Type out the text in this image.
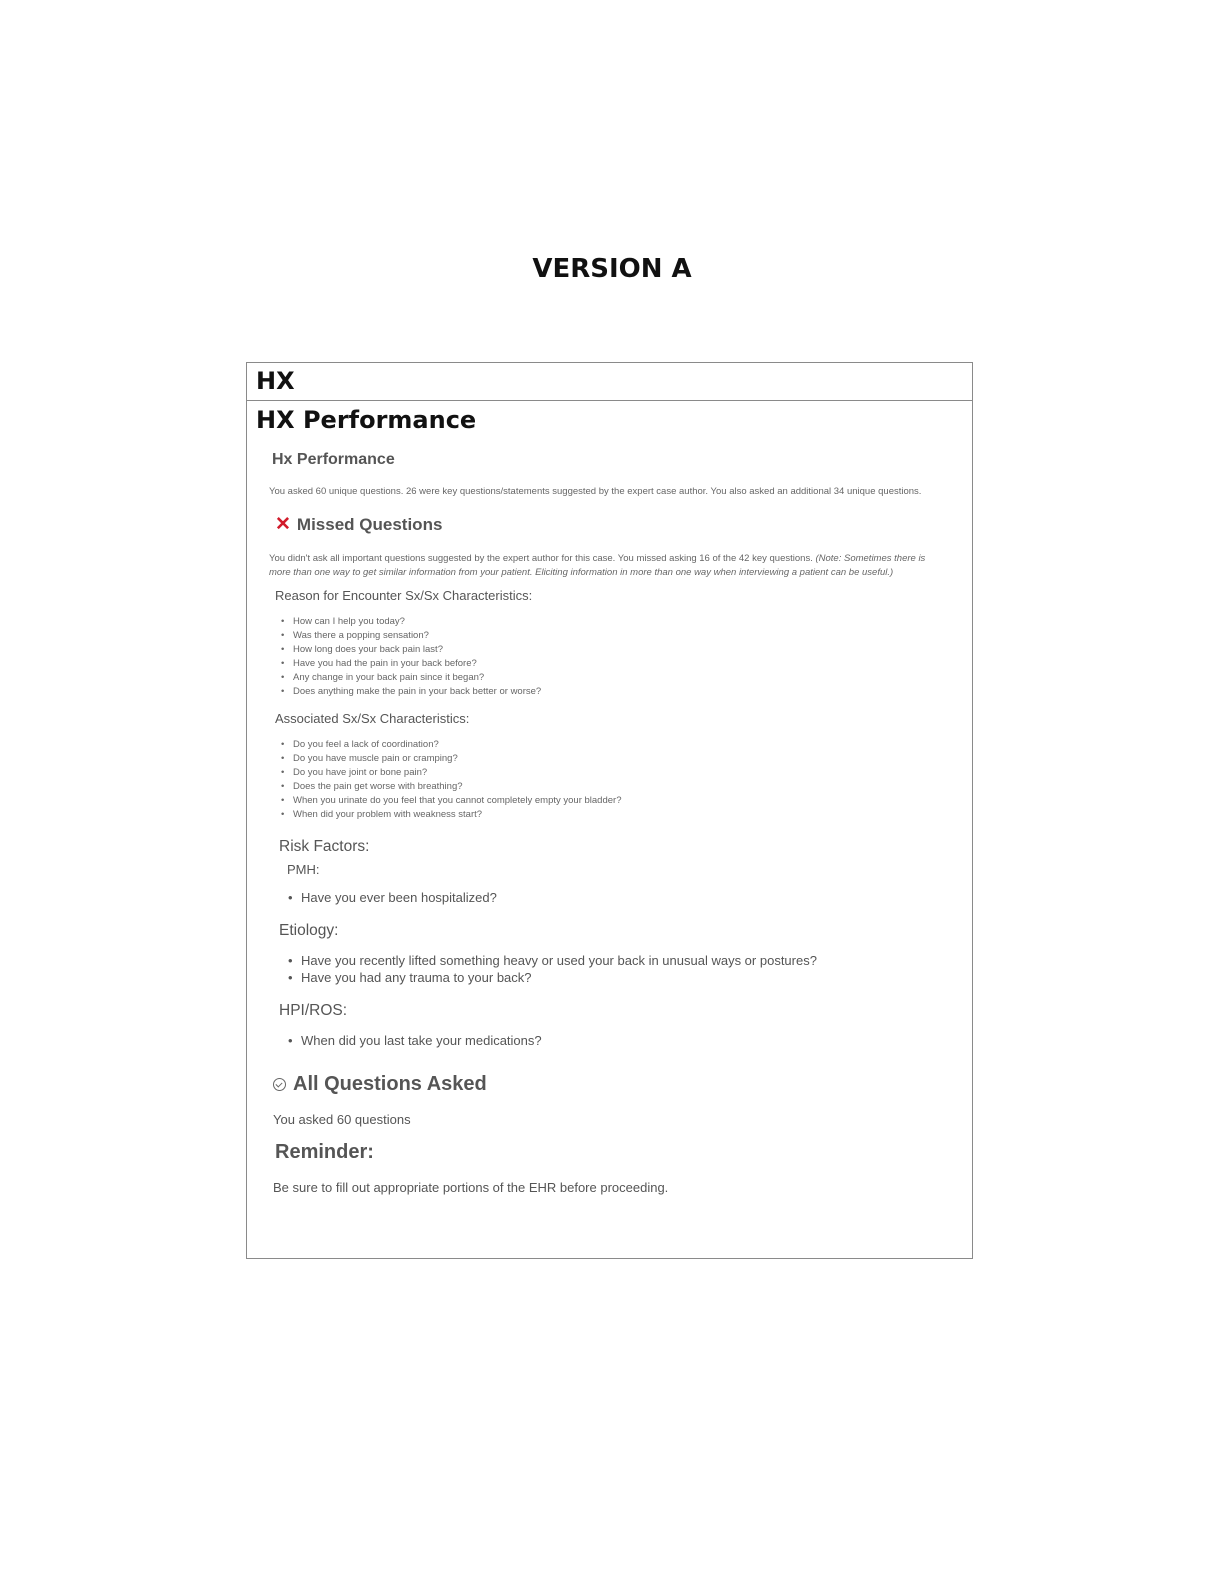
VERSION A
HX
HX Performance
Hx Performance
You asked 60 unique questions. 26 were key questions/statements suggested by the expert case author. You also asked an additional 34 unique questions.
✕ Missed Questions
You didn't ask all important questions suggested by the expert author for this case. You missed asking 16 of the 42 key questions. (Note: Sometimes there is more than one way to get similar information from your patient. Eliciting information in more than one way when interviewing a patient can be useful.)
Reason for Encounter Sx/Sx Characteristics:
• How can I help you today?
• Was there a popping sensation?
• How long does your back pain last?
• Have you had the pain in your back before?
• Any change in your back pain since it began?
• Does anything make the pain in your back better or worse?
Associated Sx/Sx Characteristics:
• Do you feel a lack of coordination?
• Do you have muscle pain or cramping?
• Do you have joint or bone pain?
• Does the pain get worse with breathing?
• When you urinate do you feel that you cannot completely empty your bladder?
• When did your problem with weakness start?
Risk Factors:
PMH:
• Have you ever been hospitalized?
Etiology:
• Have you recently lifted something heavy or used your back in unusual ways or postures?
• Have you had any trauma to your back?
HPI/ROS:
• When did you last take your medications?
All Questions Asked
You asked 60 questions
Reminder:
Be sure to fill out appropriate portions of the EHR before proceeding.
